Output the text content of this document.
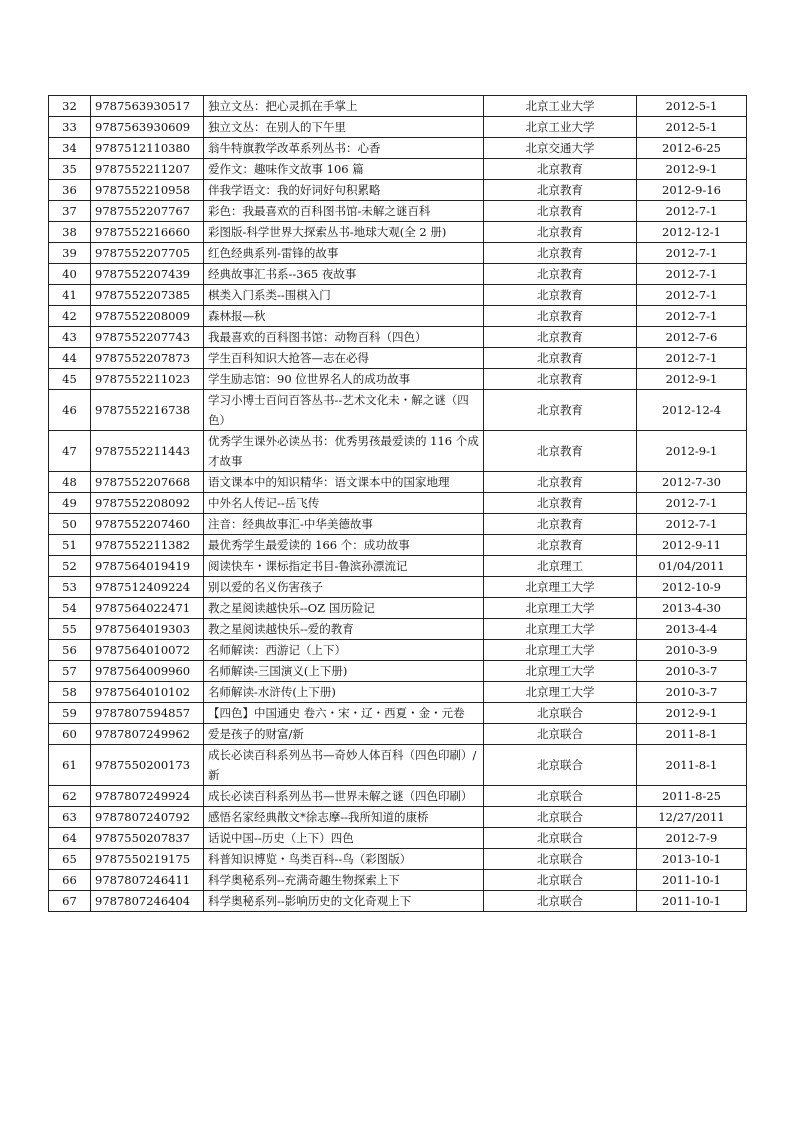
32	9787563930517	独立文丛：把心灵抓在手掌上	北京工业大学	2012-5-1
33	9787563930609	独立文丛：在别人的下午里	北京工业大学	2012-5-1
34	9787512110380	翁牛特旗教学改革系列丛书：心香	北京交通大学	2012-6-25
35	9787552211207	爱作文：趣味作文故事 106 篇	北京教育	2012-9-1
36	9787552210958	伴我学语文：我的好词好句积累略	北京教育	2012-9-16
37	9787552207767	彩色：我最喜欢的百科图书馆-未解之谜百科	北京教育	2012-7-1
38	9787552216660	彩图版-科学世界大探索丛书-地球大观(全 2 册)	北京教育	2012-12-1
39	9787552207705	红色经典系列-雷锋的故事	北京教育	2012-7-1
40	9787552207439	经典故事汇书系--365 夜故事	北京教育	2012-7-1
41	9787552207385	棋类入门系类--围棋入门	北京教育	2012-7-1
42	9787552208009	森林报—秋	北京教育	2012-7-1
43	9787552207743	我最喜欢的百科图书馆：动物百科（四色）	北京教育	2012-7-6
44	9787552207873	学生百科知识大抢答—志在必得	北京教育	2012-7-1
45	9787552211023	学生励志馆：90 位世界名人的成功故事	北京教育	2012-9-1
46	9787552216738	学习小博士百问百答丛书--艺术文化未・解之谜（四色）	北京教育	2012-12-4
47	9787552211443	优秀学生课外必读丛书：优秀男孩最爱读的 116 个成才故事	北京教育	2012-9-1
48	9787552207668	语文课本中的知识精华：语文课本中的国家地理	北京教育	2012-7-30
49	9787552208092	中外名人传记--岳飞传	北京教育	2012-7-1
50	9787552207460	注音：经典故事汇-中华美德故事	北京教育	2012-7-1
51	9787552211382	最优秀学生最爱读的 166 个：成功故事	北京教育	2012-9-11
52	9787564019419	阅读快车・课标指定书目-鲁滨孙漂流记	北京理工	01/04/2011
53	9787512409224	别以爱的名义伤害孩子	北京理工大学	2012-10-9
54	9787564022471	教之星阅读越快乐--OZ 国历险记	北京理工大学	2013-4-30
55	9787564019303	教之星阅读越快乐--爱的教育	北京理工大学	2013-4-4
56	9787564010072	名师解读：西游记（上下）	北京理工大学	2010-3-9
57	9787564009960	名师解读-三国演义(上下册)	北京理工大学	2010-3-7
58	9787564010102	名师解读-水浒传(上下册)	北京理工大学	2010-3-7
59	9787807594857	【四色】中国通史 卷六・宋・辽・西夏・金・元卷	北京联合	2012-9-1
60	9787807249962	爱是孩子的财富/新	北京联合	2011-8-1
61	9787550200173	成长必读百科系列丛书—奇妙人体百科（四色印刷）/新	北京联合	2011-8-1
62	9787807249924	成长必读百科系列丛书—世界未解之谜（四色印刷）	北京联合	2011-8-25
63	9787807240792	感悟名家经典散文*徐志摩--我所知道的康桥	北京联合	12/27/2011
64	9787550207837	话说中国--历史（上下）四色	北京联合	2012-7-9
65	9787550219175	科普知识博览・鸟类百科--鸟（彩图版）	北京联合	2013-10-1
66	9787807246411	科学奥秘系列--充满奇趣生物探索上下	北京联合	2011-10-1
67	9787807246404	科学奥秘系列--影响历史的文化奇观上下	北京联合	2011-10-1
